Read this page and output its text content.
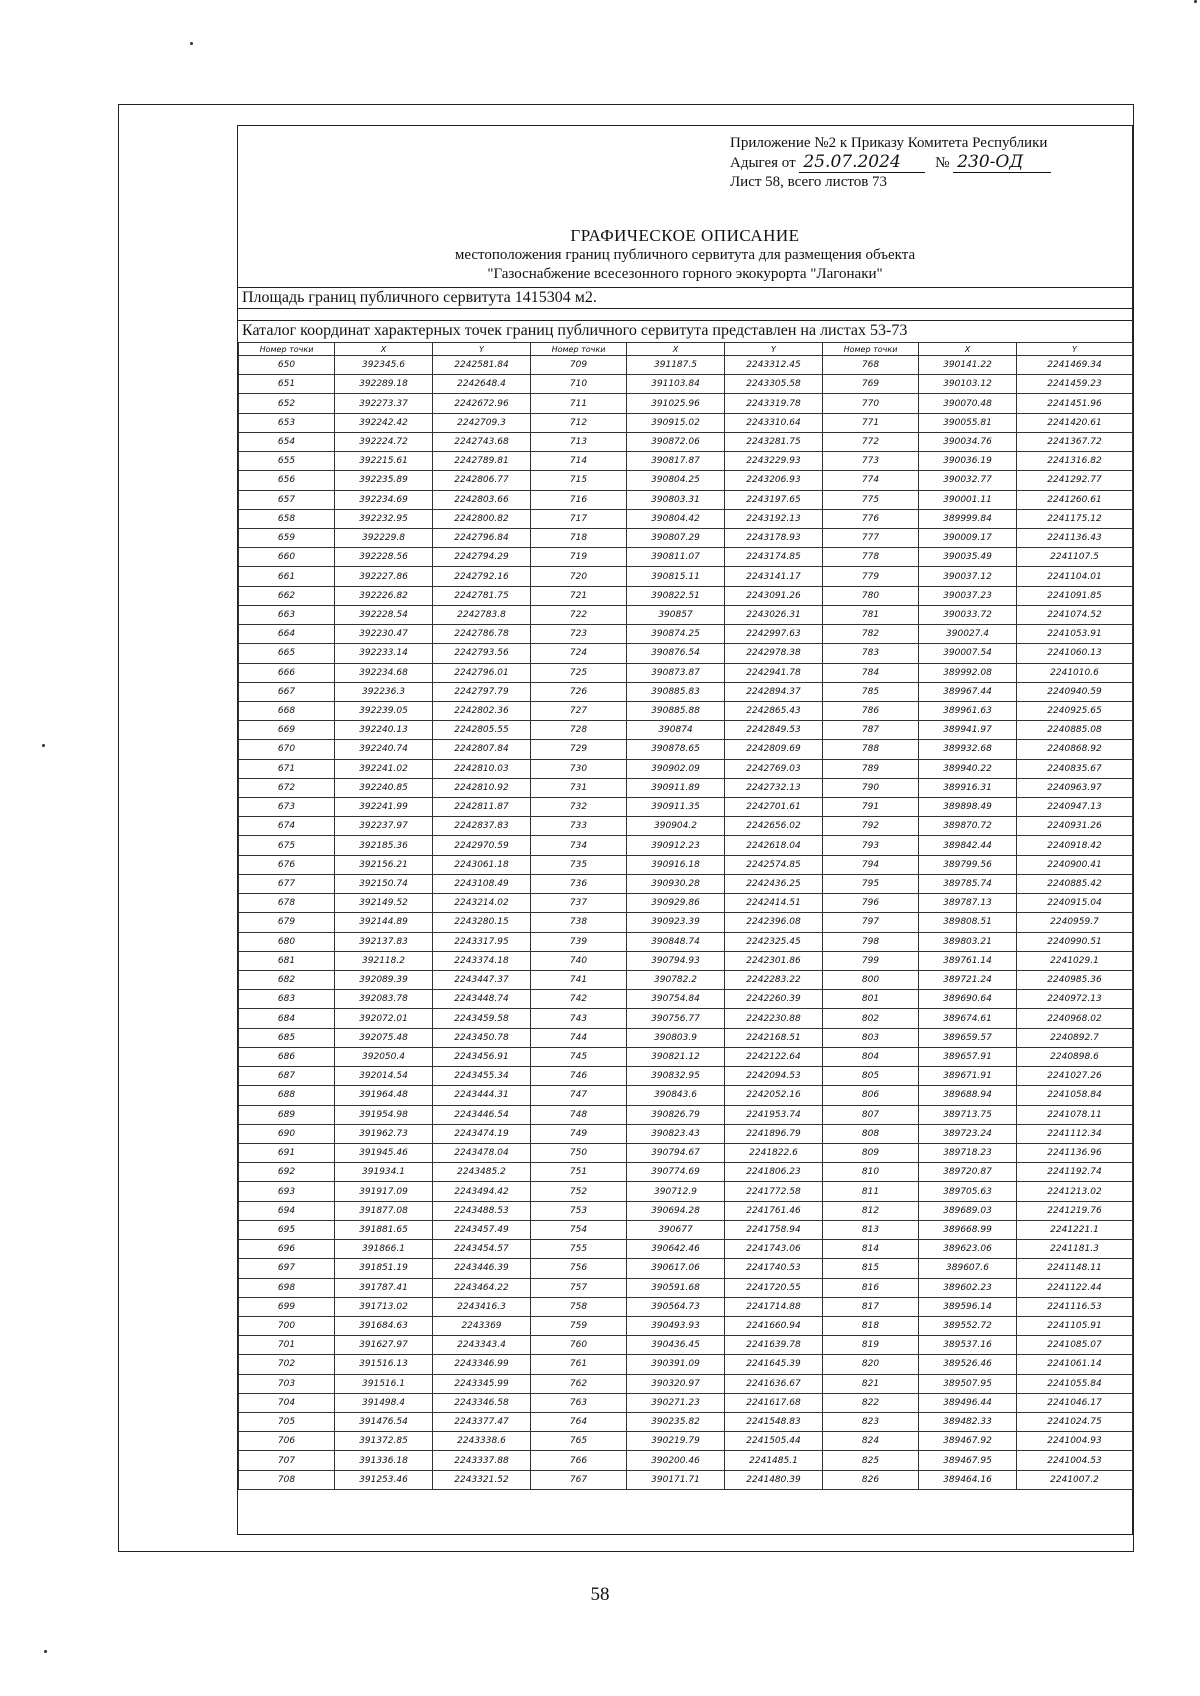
Приложение №2 к Приказу Комитета Республики
Адыгея от 25.07.2024 № 230-ОД
Лист 58, всего листов 73
ГРАФИЧЕСКОЕ ОПИСАНИЕ
местоположения границ публичного сервитута для размещения объекта
"Газоснабжение всесезонного горного экокурорта "Лагонаки"
Площадь границ публичного сервитута 1415304 м2.
Каталог координат характерных точек границ публичного сервитута представлен на листах 53-73
Номер точки	X	Y	Номер точки	X	Y	Номер точки	X	Y
650	392345.6	2242581.84	709	391187.5	2243312.45	768	390141.22	2241469.34
651	392289.18	2242648.4	710	391103.84	2243305.58	769	390103.12	2241459.23
652	392273.37	2242672.96	711	391025.96	2243319.78	770	390070.48	2241451.96
653	392242.42	2242709.3	712	390915.02	2243310.64	771	390055.81	2241420.61
654	392224.72	2242743.68	713	390872.06	2243281.75	772	390034.76	2241367.72
655	392215.61	2242789.81	714	390817.87	2243229.93	773	390036.19	2241316.82
656	392235.89	2242806.77	715	390804.25	2243206.93	774	390032.77	2241292.77
657	392234.69	2242803.66	716	390803.31	2243197.65	775	390001.11	2241260.61
658	392232.95	2242800.82	717	390804.42	2243192.13	776	389999.84	2241175.12
659	392229.8	2242796.84	718	390807.29	2243178.93	777	390009.17	2241136.43
660	392228.56	2242794.29	719	390811.07	2243174.85	778	390035.49	2241107.5
661	392227.86	2242792.16	720	390815.11	2243141.17	779	390037.12	2241104.01
662	392226.82	2242781.75	721	390822.51	2243091.26	780	390037.23	2241091.85
663	392228.54	2242783.8	722	390857	2243026.31	781	390033.72	2241074.52
664	392230.47	2242786.78	723	390874.25	2242997.63	782	390027.4	2241053.91
665	392233.14	2242793.56	724	390876.54	2242978.38	783	390007.54	2241060.13
666	392234.68	2242796.01	725	390873.87	2242941.78	784	389992.08	2241010.6
667	392236.3	2242797.79	726	390885.83	2242894.37	785	389967.44	2240940.59
668	392239.05	2242802.36	727	390885.88	2242865.43	786	389961.63	2240925.65
669	392240.13	2242805.55	728	390874	2242849.53	787	389941.97	2240885.08
670	392240.74	2242807.84	729	390878.65	2242809.69	788	389932.68	2240868.92
671	392241.02	2242810.03	730	390902.09	2242769.03	789	389940.22	2240835.67
672	392240.85	2242810.92	731	390911.89	2242732.13	790	389916.31	2240963.97
673	392241.99	2242811.87	732	390911.35	2242701.61	791	389898.49	2240947.13
674	392237.97	2242837.83	733	390904.2	2242656.02	792	389870.72	2240931.26
675	392185.36	2242970.59	734	390912.23	2242618.04	793	389842.44	2240918.42
676	392156.21	2243061.18	735	390916.18	2242574.85	794	389799.56	2240900.41
677	392150.74	2243108.49	736	390930.28	2242436.25	795	389785.74	2240885.42
678	392149.52	2243214.02	737	390929.86	2242414.51	796	389787.13	2240915.04
679	392144.89	2243280.15	738	390923.39	2242396.08	797	389808.51	2240959.7
680	392137.83	2243317.95	739	390848.74	2242325.45	798	389803.21	2240990.51
681	392118.2	2243374.18	740	390794.93	2242301.86	799	389761.14	2241029.1
682	392089.39	2243447.37	741	390782.2	2242283.22	800	389721.24	2240985.36
683	392083.78	2243448.74	742	390754.84	2242260.39	801	389690.64	2240972.13
684	392072.01	2243459.58	743	390756.77	2242230.88	802	389674.61	2240968.02
685	392075.48	2243450.78	744	390803.9	2242168.51	803	389659.57	2240892.7
686	392050.4	2243456.91	745	390821.12	2242122.64	804	389657.91	2240898.6
687	392014.54	2243455.34	746	390832.95	2242094.53	805	389671.91	2241027.26
688	391964.48	2243444.31	747	390843.6	2242052.16	806	389688.94	2241058.84
689	391954.98	2243446.54	748	390826.79	2241953.74	807	389713.75	2241078.11
690	391962.73	2243474.19	749	390823.43	2241896.79	808	389723.24	2241112.34
691	391945.46	2243478.04	750	390794.67	2241822.6	809	389718.23	2241136.96
692	391934.1	2243485.2	751	390774.69	2241806.23	810	389720.87	2241192.74
693	391917.09	2243494.42	752	390712.9	2241772.58	811	389705.63	2241213.02
694	391877.08	2243488.53	753	390694.28	2241761.46	812	389689.03	2241219.76
695	391881.65	2243457.49	754	390677	2241758.94	813	389668.99	2241221.1
696	391866.1	2243454.57	755	390642.46	2241743.06	814	389623.06	2241181.3
697	391851.19	2243446.39	756	390617.06	2241740.53	815	389607.6	2241148.11
698	391787.41	2243464.22	757	390591.68	2241720.55	816	389602.23	2241122.44
699	391713.02	2243416.3	758	390564.73	2241714.88	817	389596.14	2241116.53
700	391684.63	2243369	759	390493.93	2241660.94	818	389552.72	2241105.91
701	391627.97	2243343.4	760	390436.45	2241639.78	819	389537.16	2241085.07
702	391516.13	2243346.99	761	390391.09	2241645.39	820	389526.46	2241061.14
703	391516.1	2243345.99	762	390320.97	2241636.67	821	389507.95	2241055.84
704	391498.4	2243346.58	763	390271.23	2241617.68	822	389496.44	2241046.17
705	391476.54	2243377.47	764	390235.82	2241548.83	823	389482.33	2241024.75
706	391372.85	2243338.6	765	390219.79	2241505.44	824	389467.92	2241004.93
707	391336.18	2243337.88	766	390200.46	2241485.1	825	389467.95	2241004.53
708	391253.46	2243321.52	767	390171.71	2241480.39	826	389464.16	2241007.2

58
